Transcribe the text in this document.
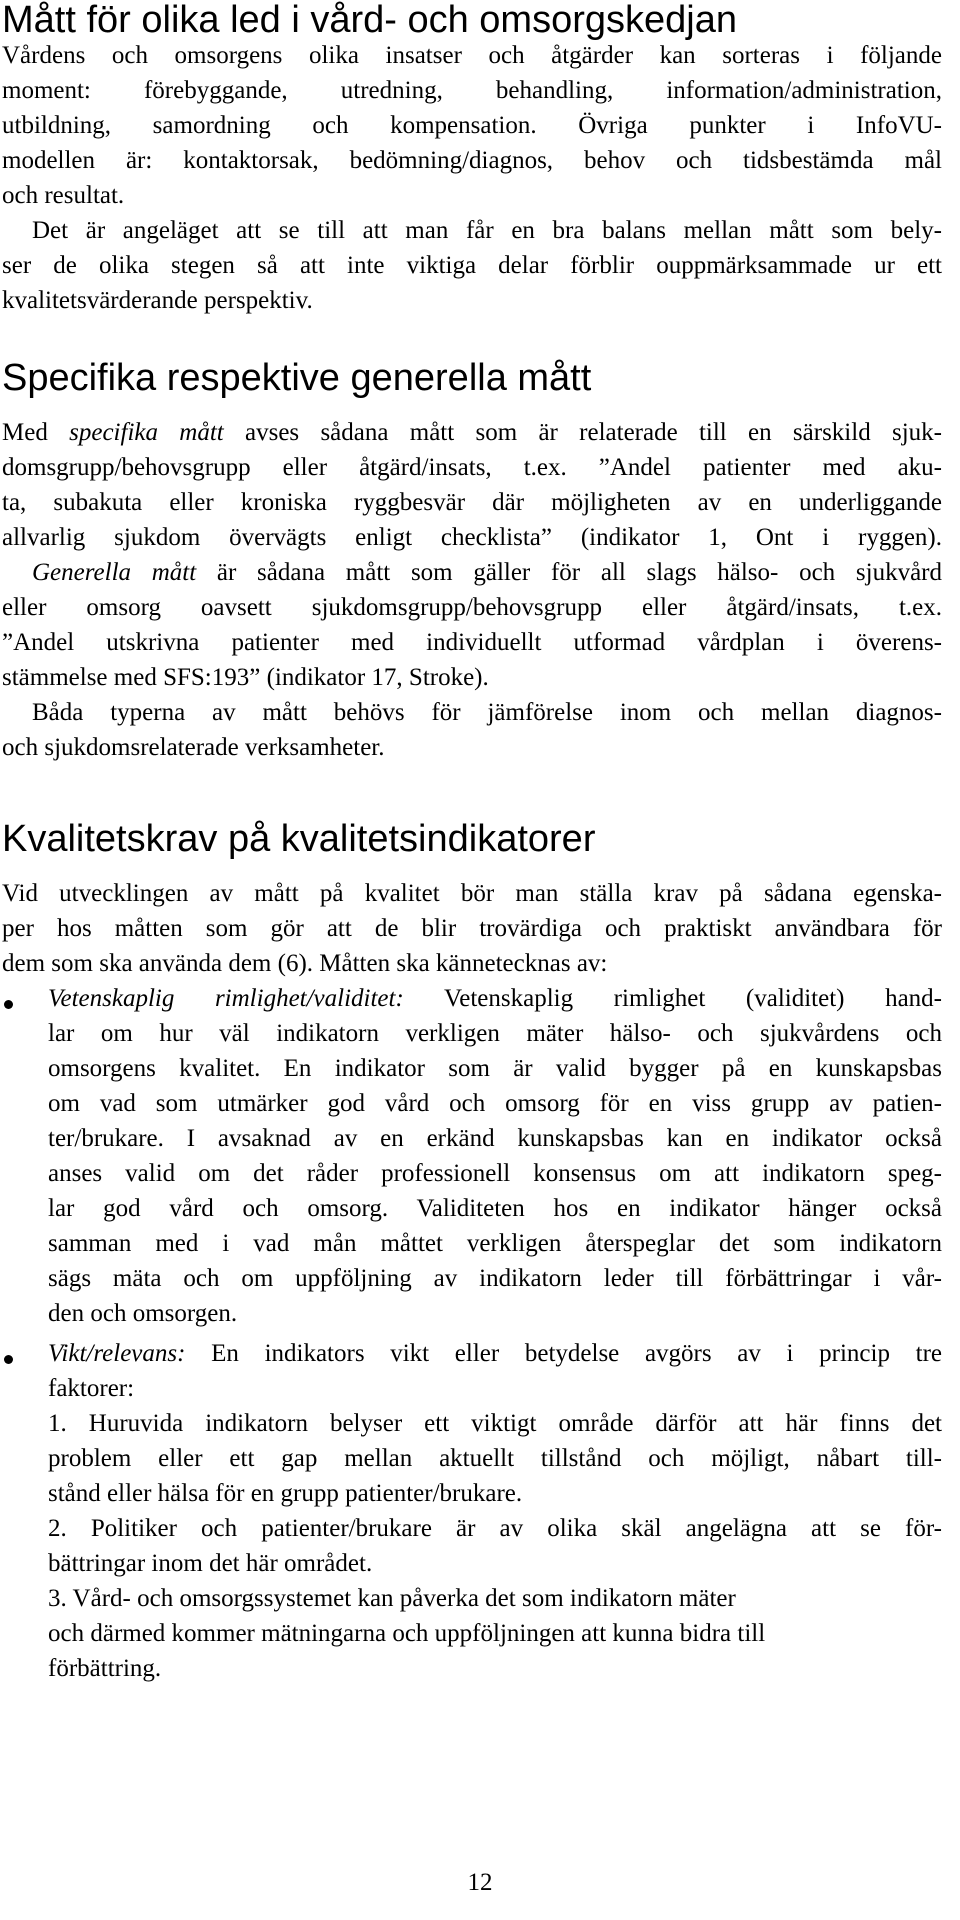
Mått för olika led i vård- och omsorgskedjan
Vårdens och omsorgens olika insatser och åtgärder kan sorteras i följande
moment: förebyggande, utredning, behandling, information/administration,
utbildning, samordning och kompensation. Övriga punkter i InfoVU-
modellen är: kontaktorsak, bedömning/diagnos, behov och tidsbestämda mål
och resultat.
Det är angeläget att se till att man får en bra balans mellan mått som bely-
ser de olika stegen så att inte viktiga delar förblir ouppmärksammade ur ett
kvalitetsvärderande perspektiv.
Specifika respektive generella mått
Med specifika mått avses sådana mått som är relaterade till en särskild sjuk-
domsgrupp/behovsgrupp eller åtgärd/insats, t.ex. ”Andel patienter med aku-
ta, subakuta eller kroniska ryggbesvär där möjligheten av en underliggande
allvarlig sjukdom övervägts enligt checklista” (indikator 1, Ont i ryggen).
Generella mått är sådana mått som gäller för all slags hälso- och sjukvård
eller omsorg oavsett sjukdomsgrupp/behovsgrupp eller åtgärd/insats, t.ex.
”Andel utskrivna patienter med individuellt utformad vårdplan i överens-
stämmelse med SFS:193” (indikator 17, Stroke).
Båda typerna av mått behövs för jämförelse inom och mellan diagnos-
och sjukdomsrelaterade verksamheter.
Kvalitetskrav på kvalitetsindikatorer
Vid utvecklingen av mått på kvalitet bör man ställa krav på sådana egenska-
per hos måtten som gör att de blir trovärdiga och praktiskt användbara för
dem som ska använda dem (6). Måtten ska kännetecknas av:
Vetenskaplig rimlighet/validitet: Vetenskaplig rimlighet (validitet) hand-
lar om hur väl indikatorn verkligen mäter hälso- och sjukvårdens och
omsorgens kvalitet. En indikator som är valid bygger på en kunskapsbas
om vad som utmärker god vård och omsorg för en viss grupp av patien-
ter/brukare. I avsaknad av en erkänd kunskapsbas kan en indikator också
anses valid om det råder professionell konsensus om att indikatorn speg-
lar god vård och omsorg. Validiteten hos en indikator hänger också
samman med i vad mån måttet verkligen återspeglar det som indikatorn
sägs mäta och om uppföljning av indikatorn leder till förbättringar i vår-
den och omsorgen.
Vikt/relevans: En indikators vikt eller betydelse avgörs av i princip tre
faktorer:
1. Huruvida indikatorn belyser ett viktigt område därför att här finns det
problem eller ett gap mellan aktuellt tillstånd och möjligt, nåbart till-
stånd eller hälsa för en grupp patienter/brukare.
2. Politiker och patienter/brukare är av olika skäl angelägna att se för-
bättringar inom det här området.
3. Vård- och omsorgssystemet kan påverka det som indikatorn mäter
och därmed kommer mätningarna och uppföljningen att kunna bidra till
förbättring.
12
